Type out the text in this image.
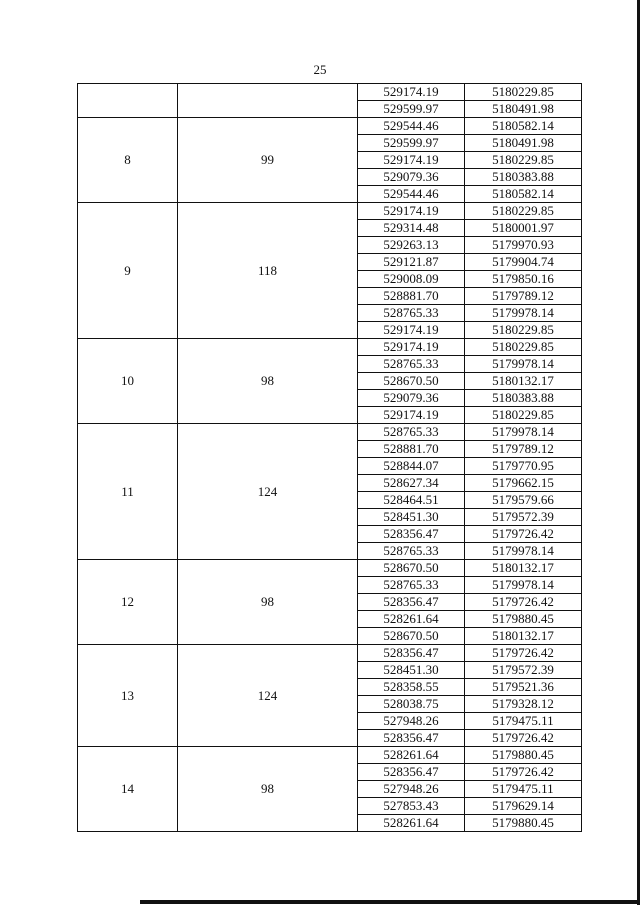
25
		529174.19	5180229.85
		529599.97	5180491.98
8	99	529544.46	5180582.14
		529599.97	5180491.98
		529174.19	5180229.85
		529079.36	5180383.88
		529544.46	5180582.14
9	118	529174.19	5180229.85
		529314.48	5180001.97
		529263.13	5179970.93
		529121.87	5179904.74
		529008.09	5179850.16
		528881.70	5179789.12
		528765.33	5179978.14
		529174.19	5180229.85
10	98	529174.19	5180229.85
		528765.33	5179978.14
		528670.50	5180132.17
		529079.36	5180383.88
		529174.19	5180229.85
11	124	528765.33	5179978.14
		528881.70	5179789.12
		528844.07	5179770.95
		528627.34	5179662.15
		528464.51	5179579.66
		528451.30	5179572.39
		528356.47	5179726.42
		528765.33	5179978.14
12	98	528670.50	5180132.17
		528765.33	5179978.14
		528356.47	5179726.42
		528261.64	5179880.45
		528670.50	5180132.17
13	124	528356.47	5179726.42
		528451.30	5179572.39
		528358.55	5179521.36
		528038.75	5179328.12
		527948.26	5179475.11
		528356.47	5179726.42
14	98	528261.64	5179880.45
		528356.47	5179726.42
		527948.26	5179475.11
		527853.43	5179629.14
		528261.64	5179880.45
